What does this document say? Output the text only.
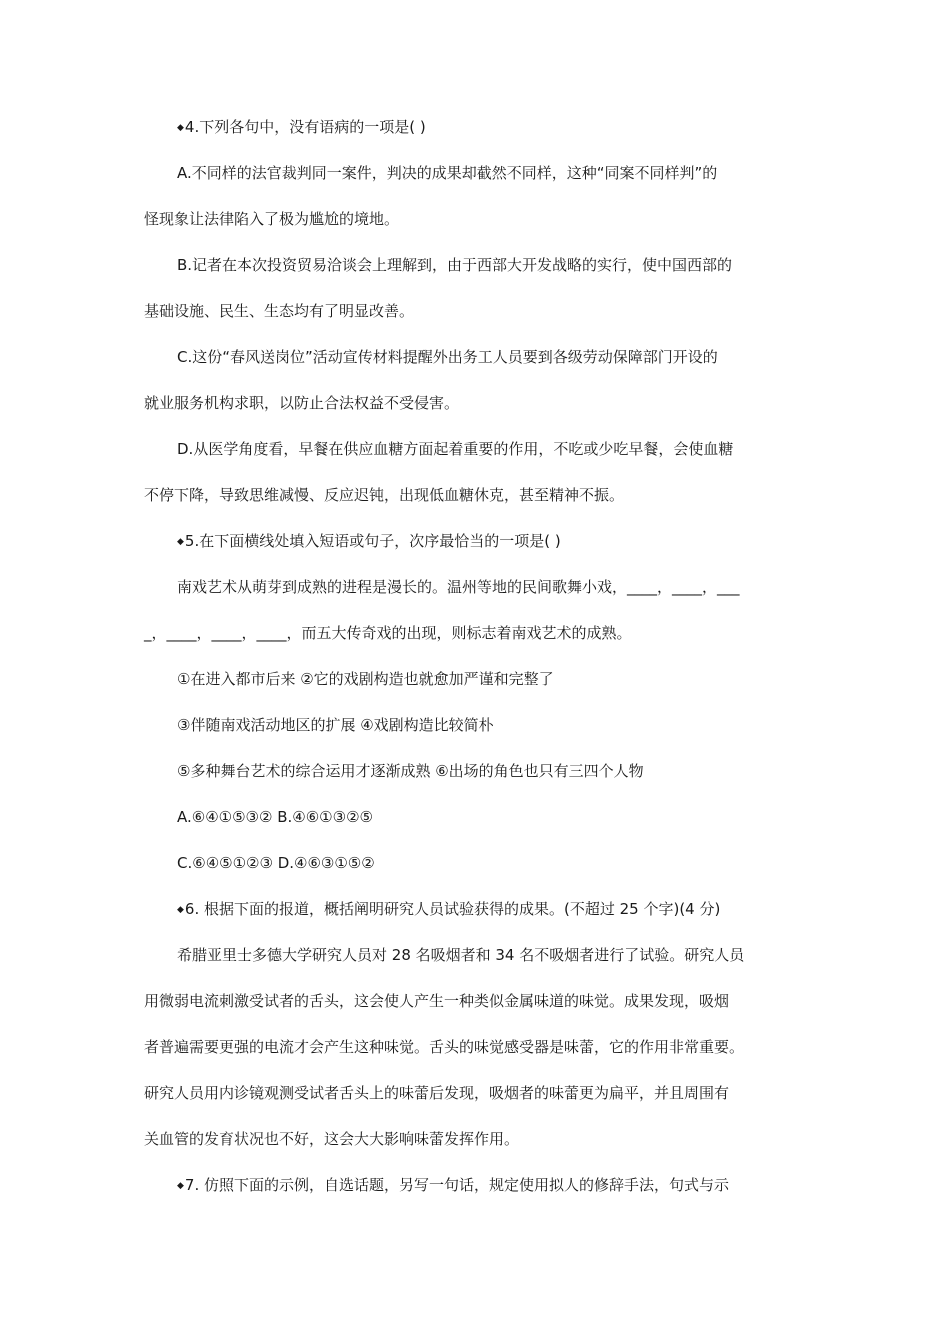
◆4.下列各句中，没有语病的一项是( )
A.不同样的法官裁判同一案件，判决的成果却截然不同样，这种“同案不同样判”的
怪现象让法律陷入了极为尴尬的境地。
B.记者在本次投资贸易洽谈会上理解到，由于西部大开发战略的实行，使中国西部的
基础设施、民生、生态均有了明显改善。
C.这份“春风送岗位”活动宣传材料提醒外出务工人员要到各级劳动保障部门开设的
就业服务机构求职，以防止合法权益不受侵害。
D.从医学角度看，早餐在供应血糖方面起着重要的作用，不吃或少吃早餐，会使血糖
不停下降，导致思维减慢、反应迟钝，出现低血糖休克，甚至精神不振。
◆5.在下面横线处填入短语或句子，次序最恰当的一项是( )
南戏艺术从萌芽到成熟的进程是漫长的。温州等地的民间歌舞小戏，____，____，___
_，____，____，____，而五大传奇戏的出现，则标志着南戏艺术的成熟。
①在进入都市后来 ②它的戏剧构造也就愈加严谨和完整了
③伴随南戏活动地区的扩展 ④戏剧构造比较简朴
⑤多种舞台艺术的综合运用才逐渐成熟 ⑥出场的角色也只有三四个人物
A.⑥④①⑤③② B.④⑥①③②⑤
C.⑥④⑤①②③ D.④⑥③①⑤②
◆6. 根据下面的报道，概括阐明研究人员试验获得的成果。(不超过 25 个字)(4 分)
希腊亚里士多德大学研究人员对 28 名吸烟者和 34 名不吸烟者进行了试验。研究人员
用微弱电流刺激受试者的舌头，这会使人产生一种类似金属味道的味觉。成果发现，吸烟
者普遍需要更强的电流才会产生这种味觉。舌头的味觉感受器是味蕾，它的作用非常重要。
研究人员用内诊镜观测受试者舌头上的味蕾后发现，吸烟者的味蕾更为扁平，并且周围有
关血管的发育状况也不好，这会大大影响味蕾发挥作用。
◆7. 仿照下面的示例，自选话题，另写一句话，规定使用拟人的修辞手法，句式与示
